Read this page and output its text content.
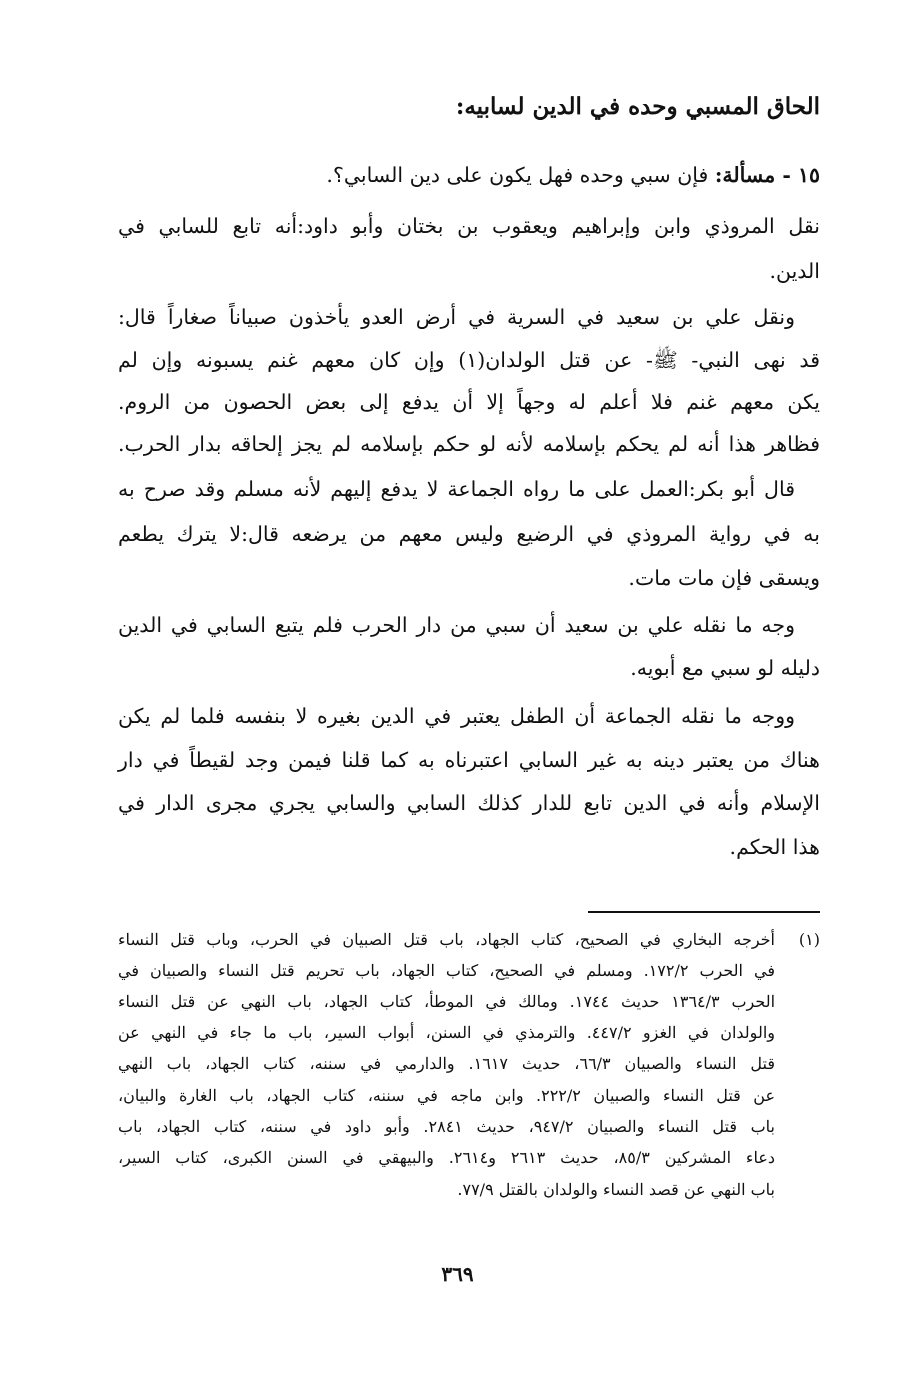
الحاق المسبي وحده في الدين لسابيه:
١٥ - مسألة: فإن سبي وحده فهل يكون على دين السابي؟.
نقل المروذي وابن وإبراهيم ويعقوب بن بختان وأبو داود:أنه تابع للسابي في
الدين.
ونقل علي بن سعيد في السرية في أرض العدو يأخذون صبياناً صغاراً قال:
قد نهى النبي- ﷺ- عن قتل الولدان(١) وإن كان معهم غنم يسبونه وإن لم
يكن معهم غنم فلا أعلم له وجهاً إلا أن يدفع إلى بعض الحصون من الروم.
فظاهر هذا أنه لم يحكم بإسلامه لأنه لو حكم بإسلامه لم يجز إلحاقه بدار الحرب.
قال أبو بكر:العمل على ما رواه الجماعة لا يدفع إليهم لأنه مسلم وقد صرح به
به في رواية المروذي في الرضيع وليس معهم من يرضعه قال:لا يترك يطعم
ويسقى فإن مات مات.
وجه ما نقله علي بن سعيد أن سبي من دار الحرب فلم يتبع السابي في الدين
دليله لو سبي مع أبويه.
ووجه ما نقله الجماعة أن الطفل يعتبر في الدين بغيره لا بنفسه فلما لم يكن
هناك من يعتبر دينه به غير السابي اعتبرناه به كما قلنا فيمن وجد لقيطاً في دار
الإسلام وأنه في الدين تابع للدار كذلك السابي والسابي يجري مجرى الدار في
هذا الحكم.
(١)
أخرجه البخاري في الصحيح، كتاب الجهاد، باب قتل الصبيان في الحرب، وباب قتل النساء
في الحرب ١٧٢/٢. ومسلم في الصحيح، كتاب الجهاد، باب تحريم قتل النساء والصبيان في
الحرب ١٣٦٤/٣ حديث ١٧٤٤. ومالك في الموطأ، كتاب الجهاد، باب النهي عن قتل النساء
والولدان في الغزو ٤٤٧/٢. والترمذي في السنن، أبواب السير، باب ما جاء في النهي عن
قتل النساء والصبيان ٦٦/٣، حديث ١٦١٧. والدارمي في سننه، كتاب الجهاد، باب النهي
عن قتل النساء والصبيان ٢٢٢/٢. وابن ماجه في سننه، كتاب الجهاد، باب الغارة والبيان،
باب قتل النساء والصبيان ٩٤٧/٢، حديث ٢٨٤١. وأبو داود في سننه، كتاب الجهاد، باب
دعاء المشركين ٨٥/٣، حديث ٢٦١٣ و٢٦١٤. والبيهقي في السنن الكبرى، كتاب السير،
باب النهي عن قصد النساء والولدان بالقتل ٧٧/٩.
٣٦٩
